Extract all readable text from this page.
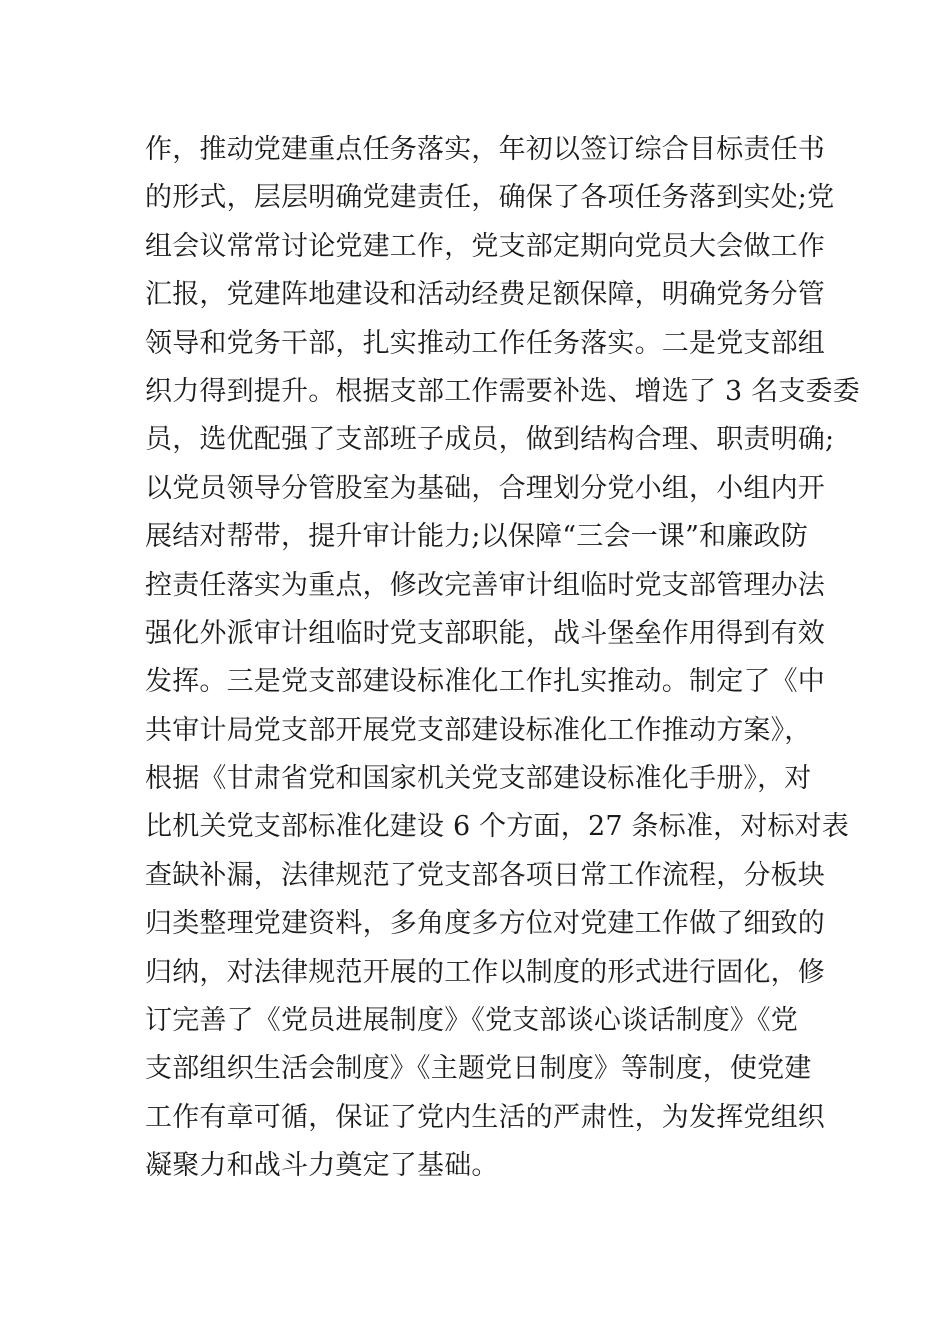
作，推动党建重点任务落实，年初以签订综合目标责任书
的形式，层层明确党建责任，确保了各项任务落到实处;党
组会议常常讨论党建工作，党支部定期向党员大会做工作
汇报，党建阵地建设和活动经费足额保障，明确党务分管
领导和党务干部，扎实推动工作任务落实。二是党支部组
织力得到提升。根据支部工作需要补选、增选了 3 名支委委
员，选优配强了支部班子成员，做到结构合理、职责明确;
以党员领导分管股室为基础，合理划分党小组，小组内开
展结对帮带，提升审计能力;以保障“三会一课”和廉政防
控责任落实为重点，修改完善审计组临时党支部管理办法
强化外派审计组临时党支部职能，战斗堡垒作用得到有效
发挥。三是党支部建设标准化工作扎实推动。制定了《中
共审计局党支部开展党支部建设标准化工作推动方案》，
根据《甘肃省党和国家机关党支部建设标准化手册》，对
比机关党支部标准化建设 6 个方面，27 条标准，对标对表
查缺补漏，法律规范了党支部各项日常工作流程，分板块
归类整理党建资料，多角度多方位对党建工作做了细致的
归纳，对法律规范开展的工作以制度的形式进行固化，修
订完善了《党员进展制度》《党支部谈心谈话制度》《党
支部组织生活会制度》《主题党日制度》等制度，使党建
工作有章可循，保证了党内生活的严肃性，为发挥党组织
凝聚力和战斗力奠定了基础。
